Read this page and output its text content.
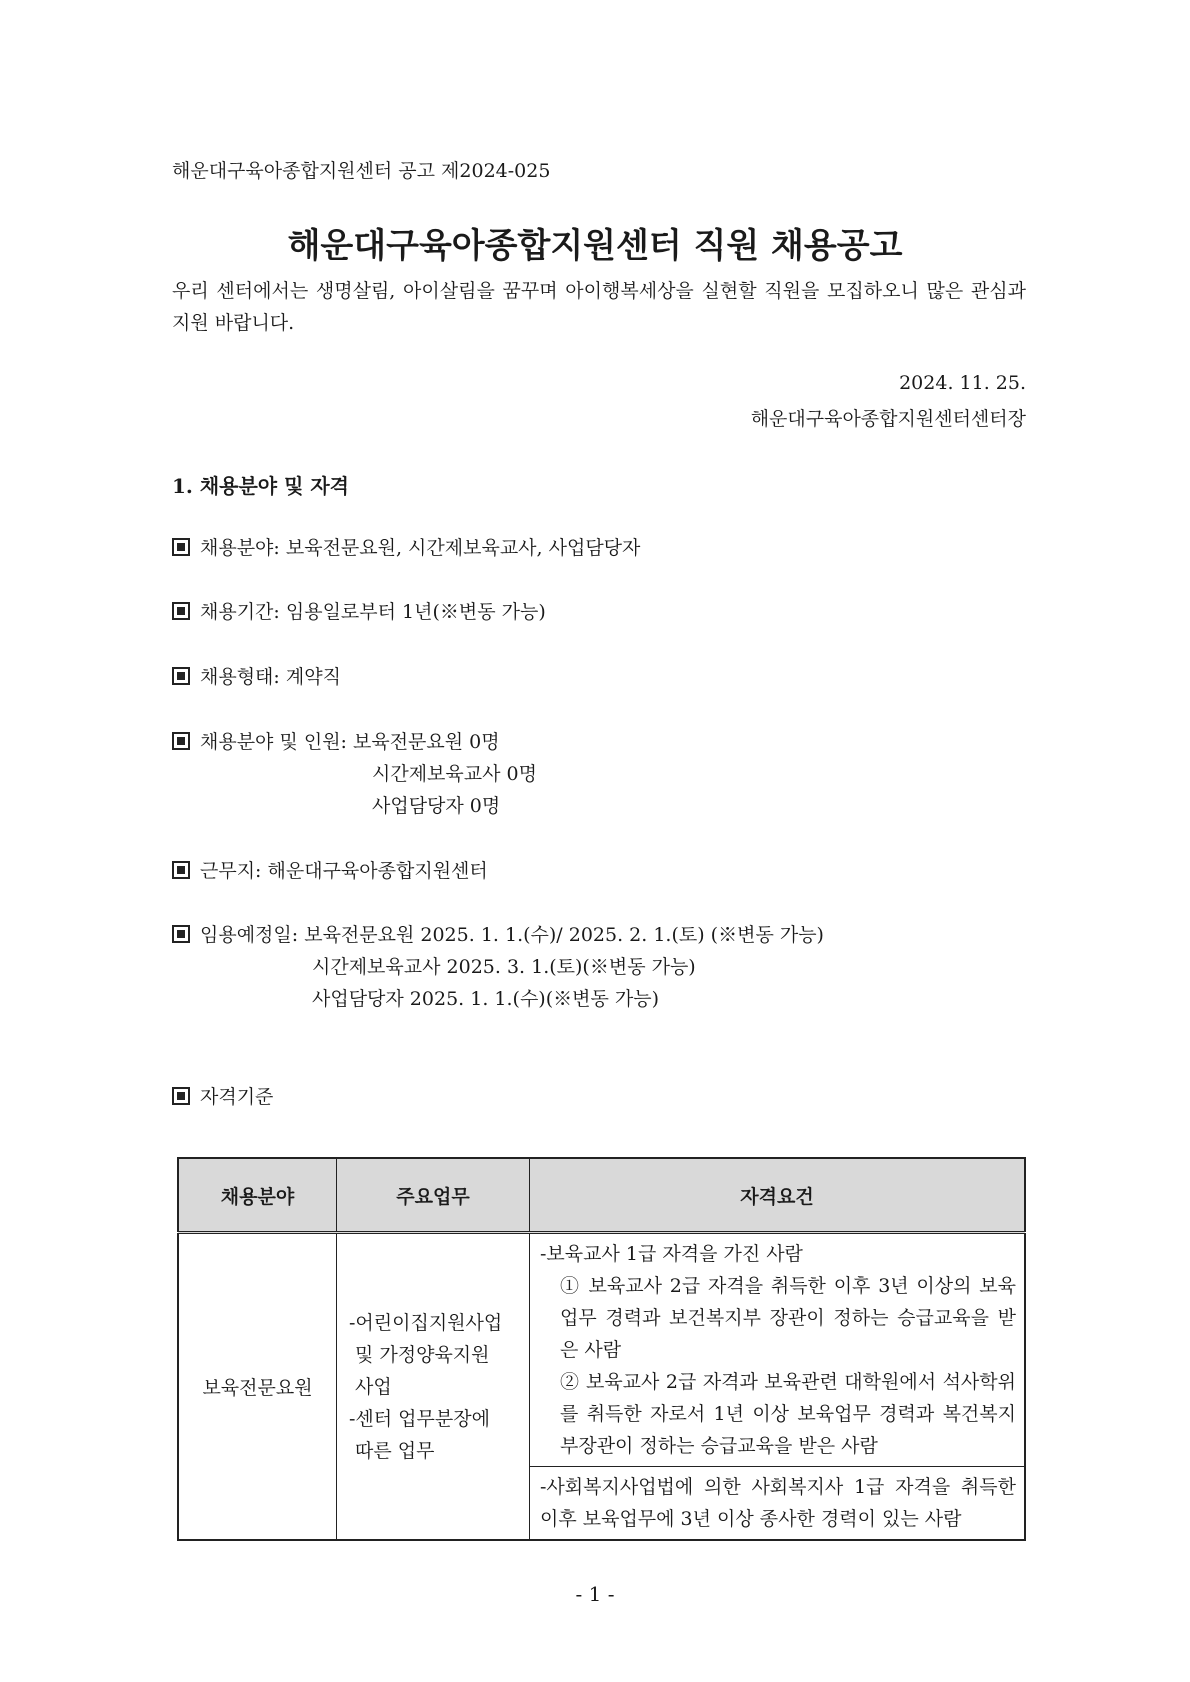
해운대구육아종합지원센터 공고 제2024-025
해운대구육아종합지원센터 직원 채용공고
우리 센터에서는 생명살림, 아이살림을 꿈꾸며 아이행복세상을 실현할 직원을 모집하오니 많은 관심과 지원 바랍니다.
2024. 11. 25.
해운대구육아종합지원센터센터장
1. 채용분야 및 자격
채용분야: 보육전문요원, 시간제보육교사, 사업담당자
채용기간: 임용일로부터 1년(※변동 가능)
채용형태: 계약직
채용분야 및 인원: 보육전문요원 0명
시간제보육교사 0명
사업담당자 0명
근무지: 해운대구육아종합지원센터
임용예정일: 보육전문요원 2025. 1. 1.(수)/ 2025. 2. 1.(토) (※변동 가능)
시간제보육교사 2025. 3. 1.(토)(※변동 가능)
사업담당자 2025. 1. 1.(수)(※변동 가능)
자격기준
채용분야	주요업무	자격요건
보육전문요원	-어린이집지원사업
및 가정양육지원
사업
-센터 업무분장에
따른 업무	-보육교사 1급 자격을 가진 사람
① 보육교사 2급 자격을 취득한 이후 3년 이상의 보육업무 경력과 보건복지부 장관이 정하는 승급교육을 받은 사람
② 보육교사 2급 자격과 보육관련 대학원에서 석사학위를 취득한 자로서 1년 이상 보육업무 경력과 복건복지부장관이 정하는 승급교육을 받은 사람

		-사회복지사업법에 의한 사회복지사 1급 자격을 취득한 이후 보육업무에 3년 이상 종사한 경력이 있는 사람
- 1 -
